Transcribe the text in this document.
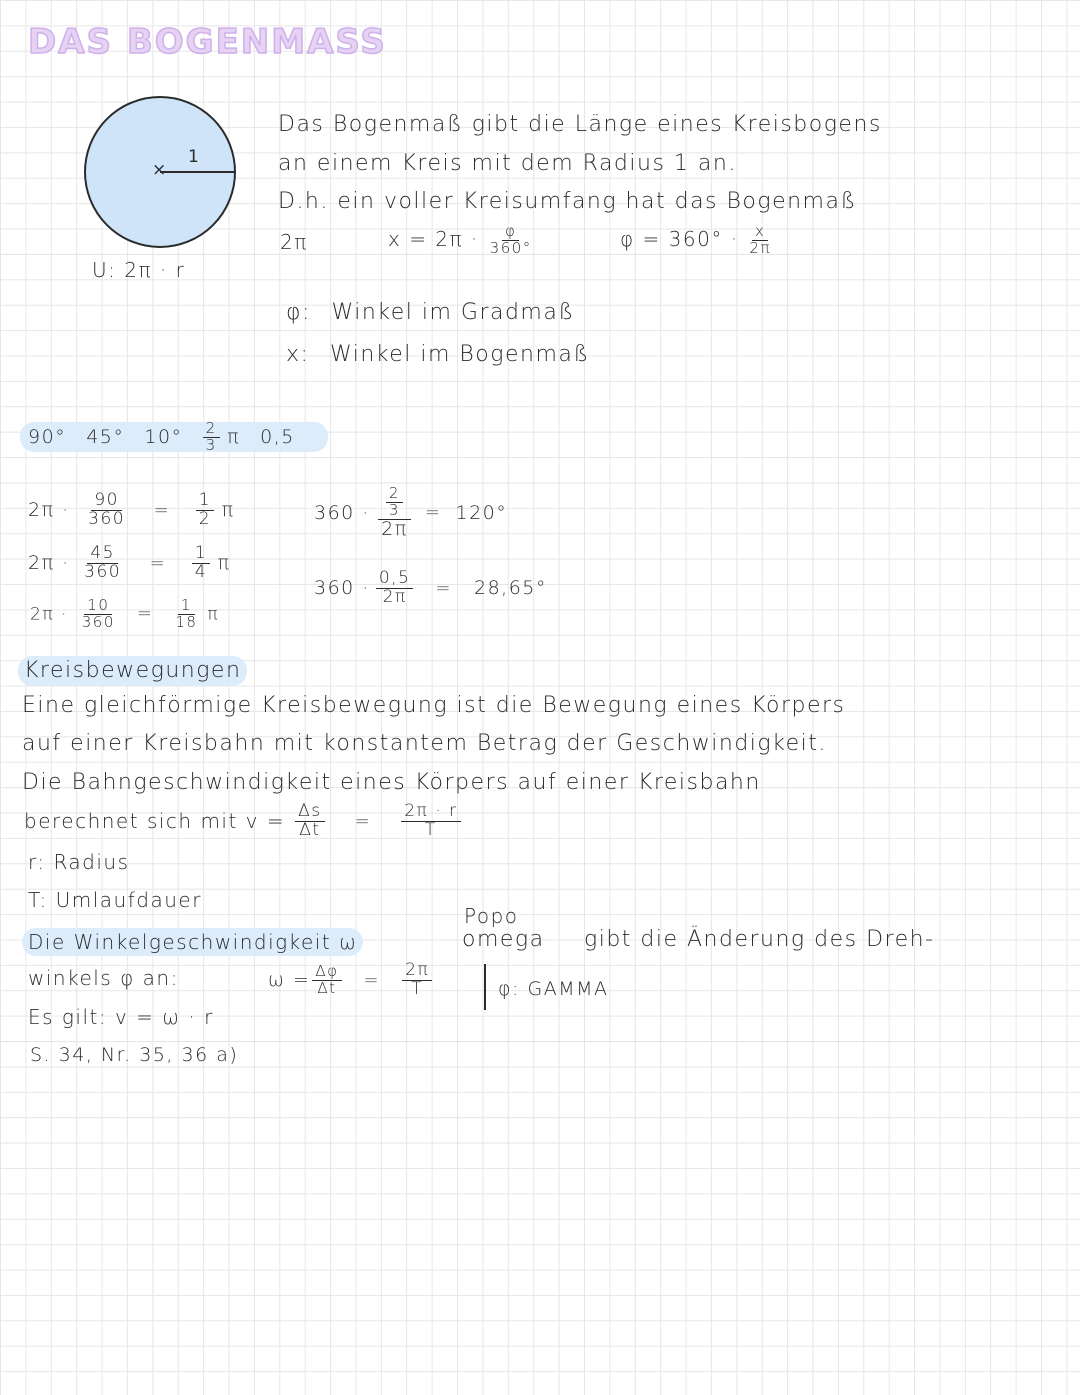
DAS BOGENMASS
×
1
U: 2π · r
Das Bogenmaß gibt die Länge eines Kreisbogens
an einem Kreis mit dem Radius 1 an.
D.h. ein voller Kreisumfang hat das Bogenmaß
2π	$x = 2\pi \cdot \frac{\varphi}{360^\circ}$	$\varphi = 360^\circ \cdot \frac{x}{2\pi}$
φ: Winkel im Gradmaß
x: Winkel im Bogenmaß
90° 45° $10^\circ \frac{2}{3}$ π 0,5
$2\pi \cdot \frac{90}{360} = \frac{1}{2}$ π
$2\pi \cdot \frac{45}{360} = \frac{1}{4}$ π
$2\pi \cdot \frac{10}{360} = \frac{1}{18}$ π
$360 \cdot \frac{\frac{2}{3}}{2\pi} = 120^\circ$
$360 \cdot \frac{0,5}{2\pi} = 28,65^\circ$
Kreisbewegungen
Eine gleichförmige Kreisbewegung ist die Bewegung eines Körpers
auf einer Kreisbahn mit konstantem Betrag der Geschwindigkeit.
Die Bahngeschwindigkeit eines Körpers auf einer Kreisbahn
berechnet sich mit $v = \frac{\Delta s}{\Delta t} = \frac{2\pi \cdot r}{T}$
r: Radius
T: Umlaufdauer
Popo
Die Winkelgeschwindigkeit ω	omega gibt die Änderung des Dreh-
winkels φ an:	$\omega = \frac{\Delta\varphi}{\Delta t} = \frac{2\pi}{T}$	φ: GAMMA
Es gilt: v = ω · r
S. 34, Nr. 35, 36 a)
